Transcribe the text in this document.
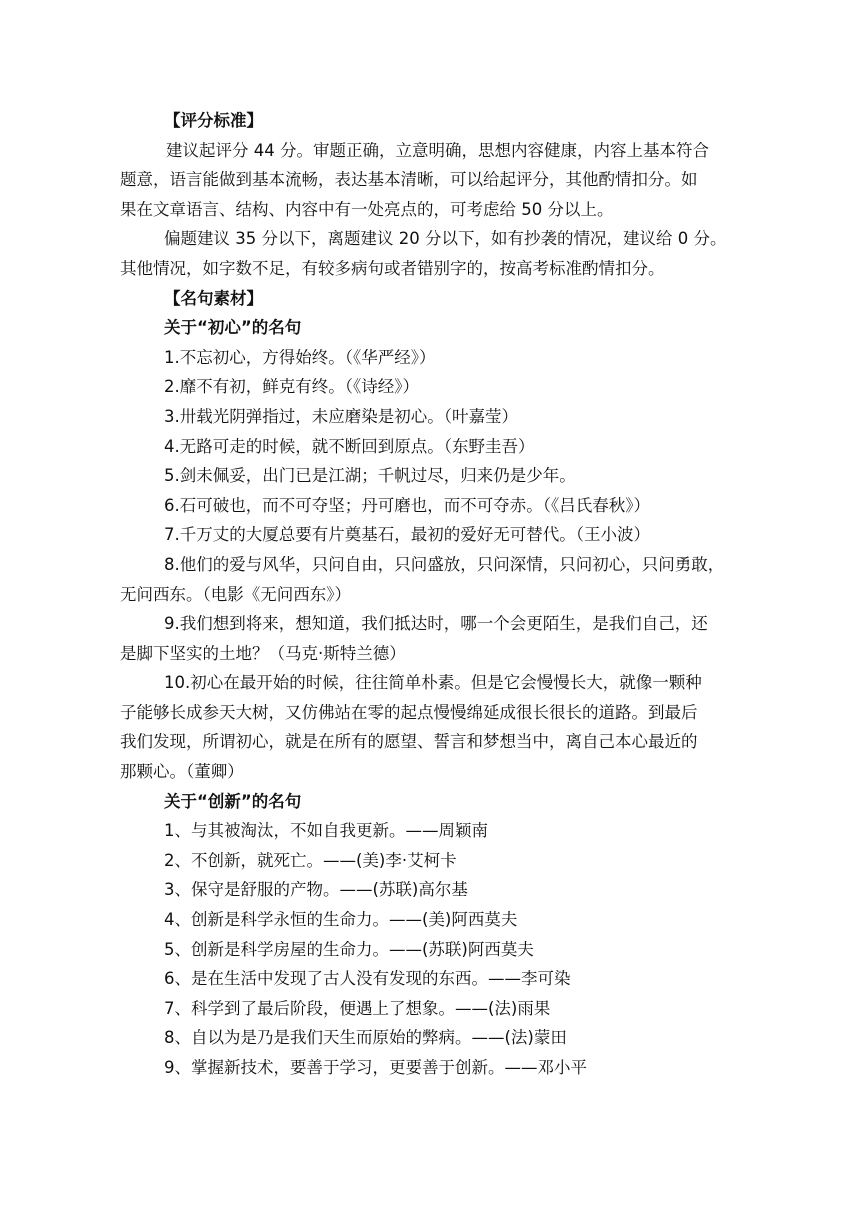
【评分标准】

建议起评分 44 分。审题正确，立意明确，思想内容健康，内容上基本符合

题意，语言能做到基本流畅，表达基本清晰，可以给起评分，其他酌情扣分。如

果在文章语言、结构、内容中有一处亮点的，可考虑给 50 分以上。

偏题建议 35 分以下，离题建议 20 分以下，如有抄袭的情况，建议给 0 分。

其他情况，如字数不足，有较多病句或者错别字的，按高考标准酌情扣分。

【名句素材】

关于“初心”的名句

1.不忘初心，方得始终。（《华严经》）

2.靡不有初，鲜克有终。（《诗经》）

3.卅载光阴弹指过，未应磨染是初心。（叶嘉莹）

4.无路可走的时候，就不断回到原点。（东野圭吾）

5.剑未佩妥，出门已是江湖；千帆过尽，归来仍是少年。

6.石可破也，而不可夺坚；丹可磨也，而不可夺赤。（《吕氏春秋》）

7.千万丈的大厦总要有片奠基石，最初的爱好无可替代。（王小波）

8.他们的爱与风华，只问自由，只问盛放，只问深情，只问初心，只问勇敢，

无问西东。（电影《无问西东》）

9.我们想到将来，想知道，我们抵达时，哪一个会更陌生，是我们自己，还

是脚下坚实的土地？（马克·斯特兰德）

10.初心在最开始的时候，往往简单朴素。但是它会慢慢长大，就像一颗种

子能够长成参天大树，又仿佛站在零的起点慢慢绵延成很长很长的道路。到最后

我们发现，所谓初心，就是在所有的愿望、誓言和梦想当中，离自己本心最近的

那颗心。（董卿）

关于“创新”的名句

1、与其被淘汰，不如自我更新。——周颖南

2、不创新，就死亡。——(美)李·艾柯卡

3、保守是舒服的产物。——(苏联)高尔基

4、创新是科学永恒的生命力。——(美)阿西莫夫

5、创新是科学房屋的生命力。——(苏联)阿西莫夫

6、是在生活中发现了古人没有发现的东西。——李可染

7、科学到了最后阶段，便遇上了想象。——(法)雨果

8、自以为是乃是我们天生而原始的弊病。——(法)蒙田

9、掌握新技术，要善于学习，更要善于创新。——邓小平
